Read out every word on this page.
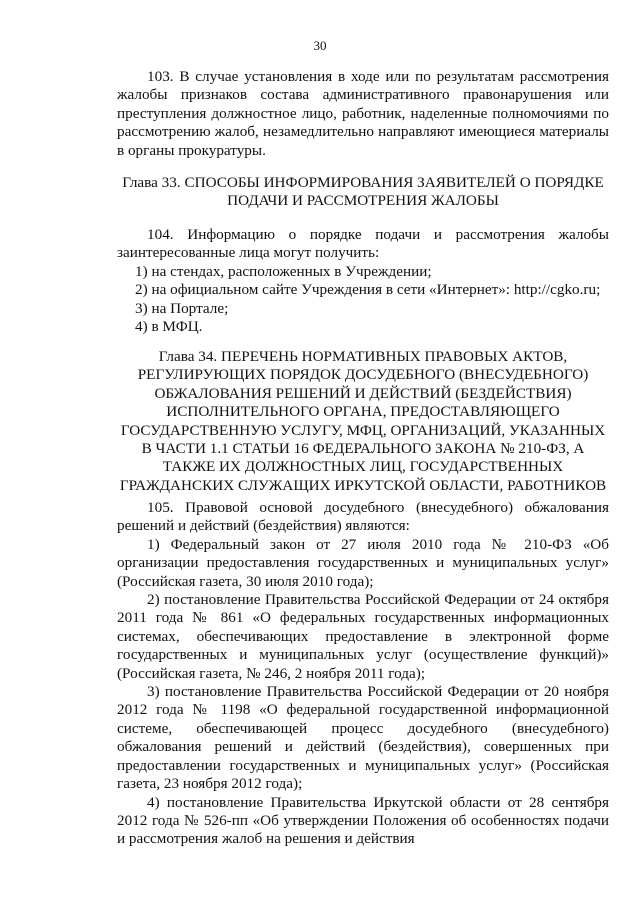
30

103. В случае установления в ходе или по результатам рассмотрения жалобы признаков состава административного правонарушения или преступления должностное лицо, работник, наделенные полномочиями по рассмотрению жалоб, незамедлительно направляют имеющиеся материалы в органы прокуратуры.

Глава 33. СПОСОБЫ ИНФОРМИРОВАНИЯ ЗАЯВИТЕЛЕЙ О ПОРЯДКЕ ПОДАЧИ И РАССМОТРЕНИЯ ЖАЛОБЫ

104. Информацию о порядке подачи и рассмотрения жалобы заинтересованные лица могут получить:

1) на стендах, расположенных в Учреждении;

2) на официальном сайте Учреждения в сети «Интернет»: http://cgko.ru;

3) на Портале;

4) в МФЦ.

Глава 34. ПЕРЕЧЕНЬ НОРМАТИВНЫХ ПРАВОВЫХ АКТОВ, РЕГУЛИРУЮЩИХ ПОРЯДОК ДОСУДЕБНОГО (ВНЕСУДЕБНОГО) ОБЖАЛОВАНИЯ РЕШЕНИЙ И ДЕЙСТВИЙ (БЕЗДЕЙСТВИЯ) ИСПОЛНИТЕЛЬНОГО ОРГАНА, ПРЕДОСТАВЛЯЮЩЕГО ГОСУДАРСТВЕННУЮ УСЛУГУ, МФЦ, ОРГАНИЗАЦИЙ, УКАЗАННЫХ В ЧАСТИ 1.1 СТАТЬИ 16 ФЕДЕРАЛЬНОГО ЗАКОНА № 210-ФЗ, А ТАКЖЕ ИХ ДОЛЖНОСТНЫХ ЛИЦ, ГОСУДАРСТВЕННЫХ ГРАЖДАНСКИХ СЛУЖАЩИХ ИРКУТСКОЙ ОБЛАСТИ, РАБОТНИКОВ

105. Правовой основой досудебного (внесудебного) обжалования решений и действий (бездействия) являются:

1) Федеральный закон от 27 июля 2010 года № 210-ФЗ «Об организации предоставления государственных и муниципальных услуг» (Российская газета, 30 июля 2010 года);

2) постановление Правительства Российской Федерации от 24 октября 2011 года № 861 «О федеральных государственных информационных системах, обеспечивающих предоставление в электронной форме государственных и муниципальных услуг (осуществление функций)» (Российская газета, № 246, 2 ноября 2011 года);

3) постановление Правительства Российской Федерации от 20 ноября 2012 года № 1198 «О федеральной государственной информационной системе, обеспечивающей процесс досудебного (внесудебного) обжалования решений и действий (бездействия), совершенных при предоставлении государственных и муниципальных услуг» (Российская газета, 23 ноября 2012 года);

4) постановление Правительства Иркутской области от 28 сентября 2012 года № 526-пп «Об утверждении Положения об особенностях подачи и рассмотрения жалоб на решения и действия
